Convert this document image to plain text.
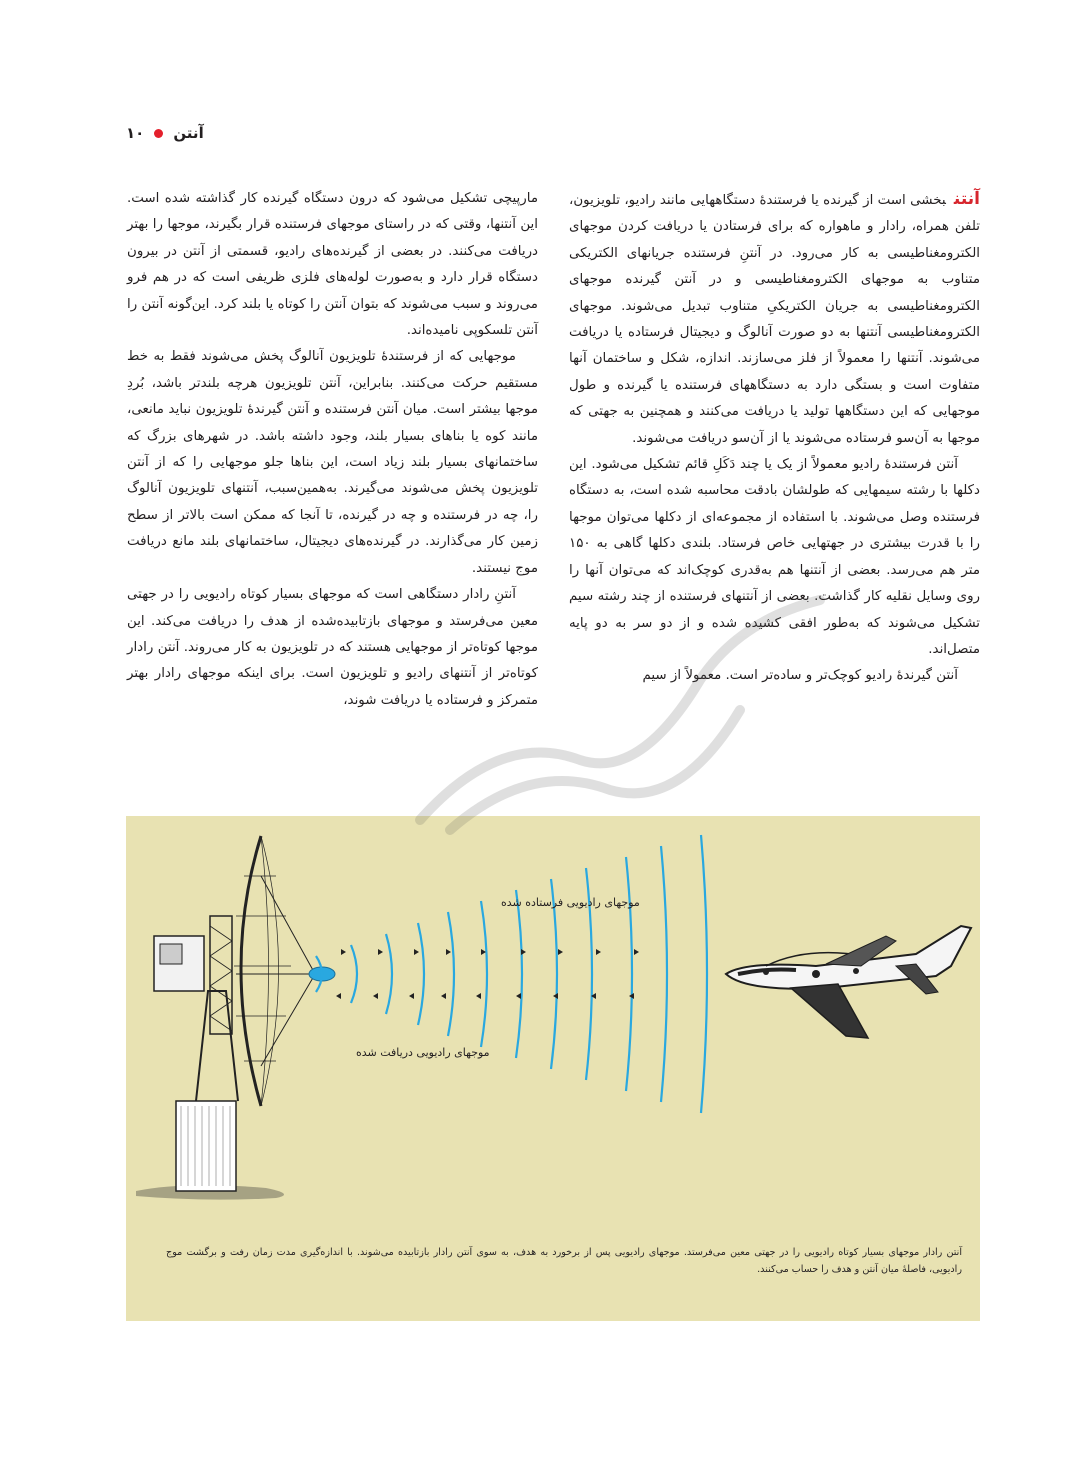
آنتن
۱۰

آنتنبخشی است از گیرنده یا فرستندهٔ دستگاههایی مانند رادیو، تلویزیون، تلفن همراه، رادار و ماهواره که برای فرستادن یا دریافت کردن موجهای الکترومغناطیسی به کار می‌رود. در آنتنِ فرستنده جریانهای الکتریکی متناوب به موجهای الکترومغناطیسی و در آنتن گیرنده موجهای الکترومغناطیسی به جریان الکتریکیِ متناوب تبدیل می‌شوند. موجهای الکترومغناطیسی آنتنها به دو صورت آنالوگ و دیجیتال فرستاده یا دریافت می‌شوند. آنتنها را معمولاً از فلز می‌سازند. اندازه، شکل و ساختمان آنها متفاوت است و بستگی دارد به دستگاههای فرستنده یا گیرنده و طول موجهایی که این دستگاهها تولید یا دریافت می‌کنند و همچنین به جهتی که موجها به آن‌سو فرستاده می‌شوند یا از آن‌سو دریافت می‌شوند.

آنتن فرستندهٔ رادیو معمولاً از یک یا چند دَکَلِ قائم تشکیل می‌شود. این دکلها با رشته سیمهایی که طولشان بادقت محاسبه شده است، به دستگاه فرستنده وصل می‌شوند. با استفاده از مجموعه‌ای از دکلها می‌توان موجها را با قدرت بیشتری در جهتهایی خاص فرستاد. بلندی دکلها گاهی به ۱۵۰ متر هم می‌رسد. بعضی از آنتنها هم به‌قدری کوچک‌اند که می‌توان آنها را روی وسایل نقلیه کار گذاشت. بعضی از آنتنهای فرستنده از چند رشته سیم تشکیل می‌شوند که به‌طور افقی کشیده شده و از دو سر به دو پایه متصل‌اند.

آنتن گیرندهٔ رادیو کوچک‌تر و ساده‌تر است. معمولاً از سیم

مارپیچی تشکیل می‌شود که درون دستگاه گیرنده کار گذاشته شده است. این آنتنها، وقتی که در راستای موجهای فرستنده قرار بگیرند، موجها را بهتر دریافت می‌کنند. در بعضی از گیرنده‌های رادیو، قسمتی از آنتن در بیرون دستگاه قرار دارد و به‌صورت لوله‌های فلزی ظریفی است که در هم فرو می‌روند و سبب می‌شوند که بتوان آنتن را کوتاه یا بلند کرد. این‌گونه آنتن را آنتن تلسکوپی نامیده‌اند.

موجهایی که از فرستندهٔ تلویزیون آنالوگ پخش می‌شوند فقط به خط مستقیم حرکت می‌کنند. بنابراین، آنتن تلویزیون هرچه بلندتر باشد، بُردِ موجها بیشتر است. میان آنتن فرستنده و آنتن گیرندهٔ تلویزیون نباید مانعی، مانند کوه یا بناهای بسیار بلند، وجود داشته باشد. در شهرهای بزرگ که ساختمانهای بسیار بلند زیاد است، این بناها جلو موجهایی را که از آنتن تلویزیون پخش می‌شوند می‌گیرند. به‌همین‌سبب، آنتنهای تلویزیون آنالوگ را، چه در فرستنده و چه در گیرنده، تا آنجا که ممکن است بالاتر از سطح زمین کار می‌گذارند. در گیرنده‌های دیجیتال، ساختمانهای بلند مانع دریافت موج نیستند.

آنتنِ رادار دستگاهی است که موجهای بسیار کوتاه رادیویی را در جهتی معین می‌فرستد و موجهای بازتابیده‌شده از هدف را دریافت می‌کند. این موجها کوتاه‌تر از موجهایی هستند که در تلویزیون به کار می‌روند. آنتن رادار کوتاه‌تر از آنتنهای رادیو و تلویزیون است. برای اینکه موجهای رادار بهتر متمرکز و فرستاده یا دریافت شوند،

موجهای رادیویی فرستاده شده
موجهای رادیویی دریافت شده
آنتن رادار موجهای بسیار کوتاه رادیویی را در جهتی معین می‌فرستد. موجهای رادیویی پس از برخورد به هدف، به سوی آنتن رادار بازتابیده می‌شوند. با اندازه‌گیری مدت زمان رفت و برگشت موج رادیویی، فاصلهٔ میان آنتن و هدف را حساب می‌کنند.
